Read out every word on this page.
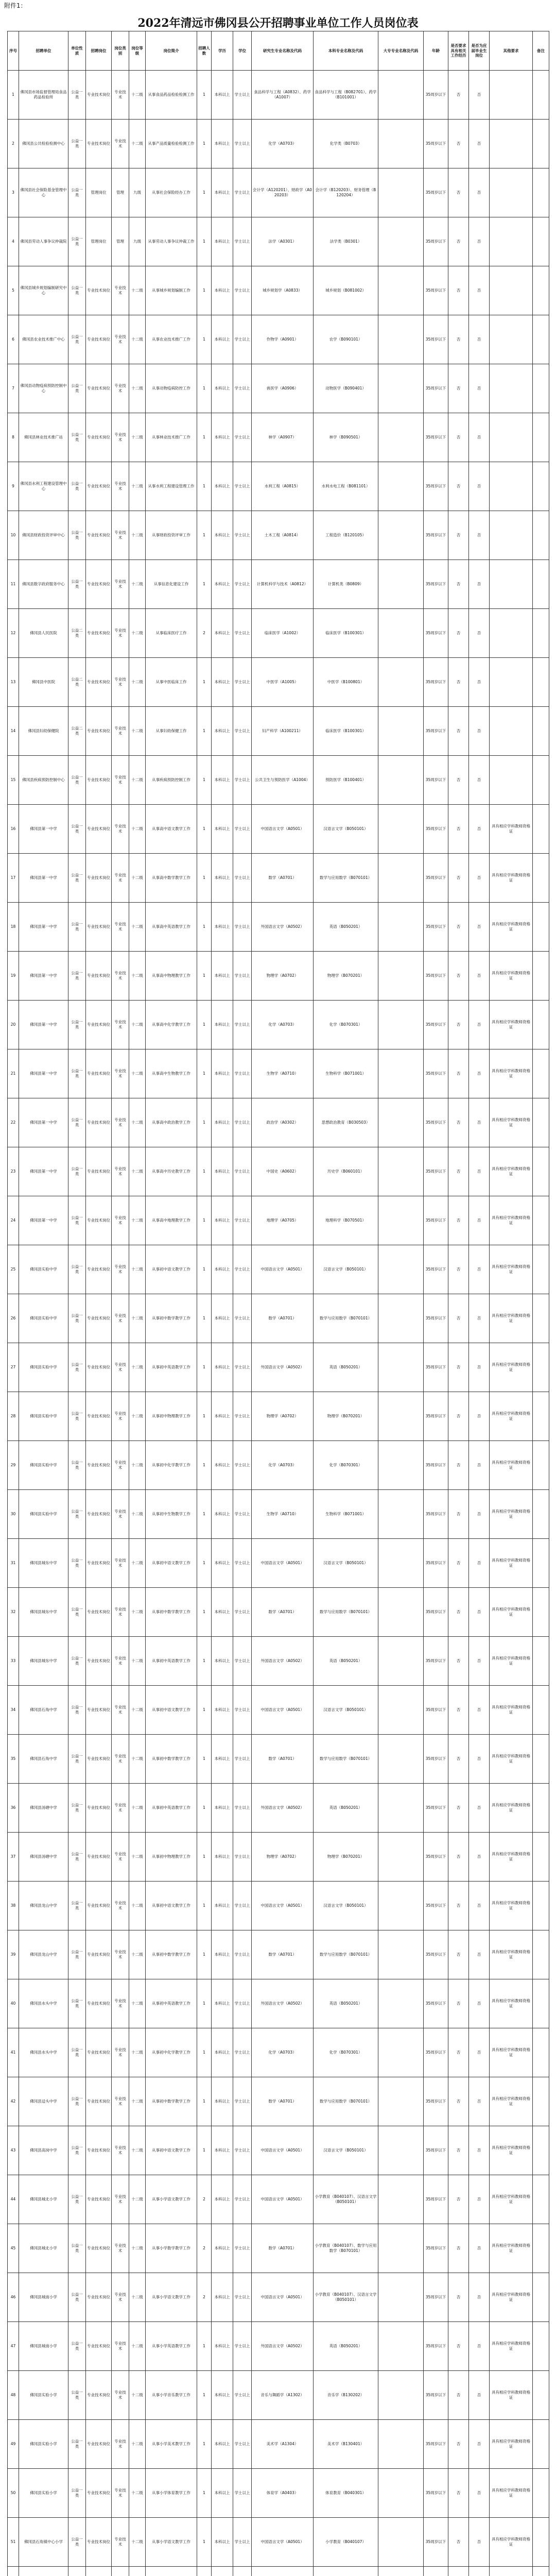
附件1：
2022年清远市佛冈县公开招聘事业单位工作人员岗位表
序号	招聘单位	单位性质	招聘岗位	岗位类别	岗位等级	岗位简介	招聘人数	学历	学位	研究生专业名称及代码	本科专业名称及代码	大专专业名称及代码	年龄	是否要求具有相关工作经历	是否为应届毕业生岗位	其他要求	备注
1	佛冈县市场监督管理局食品药品检验所	公益一类	专业技术岗位	专业技术	十二级	从事食品药品检验检测工作	1	本科以上	学士以上	食品科学与工程（A0832）、药学（A1007）	食品科学与工程（B082701）、药学（B101001）		35周岁以下	否	否		
2	佛冈县公共检验检测中心	公益一类	专业技术岗位	专业技术	十二级	从事产品质量检验检测工作	1	本科以上	学士以上	化学（A0703）	化学类（B0703）		35周岁以下	否	否		
3	佛冈县社会保险基金管理中心	公益一类	管理岗位	管理	九级	从事社会保险经办工作	1	本科以上	学士以上	会计学（A120201）、财政学（A020203）	会计学（B120203）、财务管理（B120204）		35周岁以下	否	否		
4	佛冈县劳动人事争议仲裁院	公益一类	管理岗位	管理	九级	从事劳动人事争议仲裁工作	1	本科以上	学士以上	法学（A0301）	法学类（B0301）		35周岁以下	否	否		
5	佛冈县城乡规划编制研究中心	公益一类	专业技术岗位	专业技术	十二级	从事城乡规划编制工作	1	本科以上	学士以上	城乡规划学（A0833）	城乡规划（B081002）		35周岁以下	否	否		
6	佛冈县农业技术推广中心	公益一类	专业技术岗位	专业技术	十二级	从事农业技术推广工作	1	本科以上	学士以上	作物学（A0901）	农学（B090101）		35周岁以下	否	否		
7	佛冈县动物疫病预防控制中心	公益一类	专业技术岗位	专业技术	十二级	从事动物疫病防控工作	1	本科以上	学士以上	兽医学（A0906）	动物医学（B090401）		35周岁以下	否	否		
8	佛冈县林业技术推广站	公益一类	专业技术岗位	专业技术	十二级	从事林业技术推广工作	1	本科以上	学士以上	林学（A0907）	林学（B090501）		35周岁以下	否	否		
9	佛冈县水利工程建设管理中心	公益一类	专业技术岗位	专业技术	十二级	从事水利工程建设管理工作	1	本科以上	学士以上	水利工程（A0815）	水利水电工程（B081101）		35周岁以下	否	否		
10	佛冈县财政投资评审中心	公益一类	专业技术岗位	专业技术	十二级	从事财政投资评审工作	1	本科以上	学士以上	土木工程（A0814）	工程造价（B120105）		35周岁以下	否	否		
11	佛冈县数字政府服务中心	公益一类	专业技术岗位	专业技术	十二级	从事信息化建设工作	1	本科以上	学士以上	计算机科学与技术（A0812）	计算机类（B0809）		35周岁以下	否	否		
12	佛冈县人民医院	公益二类	专业技术岗位	专业技术	十二级	从事临床医疗工作	2	本科以上	学士以上	临床医学（A1002）	临床医学（B100301）		35周岁以下	否	否		
13	佛冈县中医院	公益二类	专业技术岗位	专业技术	十二级	从事中医临床工作	1	本科以上	学士以上	中医学（A1005）	中医学（B100801）		35周岁以下	否	否		
14	佛冈县妇幼保健院	公益二类	专业技术岗位	专业技术	十二级	从事妇幼保健工作	1	本科以上	学士以上	妇产科学（A100211）	临床医学（B100301）		35周岁以下	否	否		
15	佛冈县疾病预防控制中心	公益一类	专业技术岗位	专业技术	十二级	从事疾病预防控制工作	1	本科以上	学士以上	公共卫生与预防医学（A1004）	预防医学（B100401）		35周岁以下	否	否		
16	佛冈县第一中学	公益一类	专业技术岗位	专业技术	十二级	从事高中语文教学工作	1	本科以上	学士以上	中国语言文学（A0501）	汉语言文学（B050101）		35周岁以下	否	否	具有相应学科教师资格证	
17	佛冈县第一中学	公益一类	专业技术岗位	专业技术	十二级	从事高中数学教学工作	1	本科以上	学士以上	数学（A0701）	数学与应用数学（B070101）		35周岁以下	否	否	具有相应学科教师资格证	
18	佛冈县第一中学	公益一类	专业技术岗位	专业技术	十二级	从事高中英语教学工作	1	本科以上	学士以上	外国语言文学（A0502）	英语（B050201）		35周岁以下	否	否	具有相应学科教师资格证	
19	佛冈县第一中学	公益一类	专业技术岗位	专业技术	十二级	从事高中物理教学工作	1	本科以上	学士以上	物理学（A0702）	物理学（B070201）		35周岁以下	否	否	具有相应学科教师资格证	
20	佛冈县第一中学	公益一类	专业技术岗位	专业技术	十二级	从事高中化学教学工作	1	本科以上	学士以上	化学（A0703）	化学（B070301）		35周岁以下	否	否	具有相应学科教师资格证	
21	佛冈县第一中学	公益一类	专业技术岗位	专业技术	十二级	从事高中生物教学工作	1	本科以上	学士以上	生物学（A0710）	生物科学（B071001）		35周岁以下	否	否	具有相应学科教师资格证	
22	佛冈县第一中学	公益一类	专业技术岗位	专业技术	十二级	从事高中政治教学工作	1	本科以上	学士以上	政治学（A0302）	思想政治教育（B030503）		35周岁以下	否	否	具有相应学科教师资格证	
23	佛冈县第一中学	公益一类	专业技术岗位	专业技术	十二级	从事高中历史教学工作	1	本科以上	学士以上	中国史（A0602）	历史学（B060101）		35周岁以下	否	否	具有相应学科教师资格证	
24	佛冈县第一中学	公益一类	专业技术岗位	专业技术	十二级	从事高中地理教学工作	1	本科以上	学士以上	地理学（A0705）	地理科学（B070501）		35周岁以下	否	否	具有相应学科教师资格证	
25	佛冈县实验中学	公益一类	专业技术岗位	专业技术	十二级	从事初中语文教学工作	1	本科以上	学士以上	中国语言文学（A0501）	汉语言文学（B050101）		35周岁以下	否	否	具有相应学科教师资格证	
26	佛冈县实验中学	公益一类	专业技术岗位	专业技术	十二级	从事初中数学教学工作	1	本科以上	学士以上	数学（A0701）	数学与应用数学（B070101）		35周岁以下	否	否	具有相应学科教师资格证	
27	佛冈县实验中学	公益一类	专业技术岗位	专业技术	十二级	从事初中英语教学工作	1	本科以上	学士以上	外国语言文学（A0502）	英语（B050201）		35周岁以下	否	否	具有相应学科教师资格证	
28	佛冈县实验中学	公益一类	专业技术岗位	专业技术	十二级	从事初中物理教学工作	1	本科以上	学士以上	物理学（A0702）	物理学（B070201）		35周岁以下	否	否	具有相应学科教师资格证	
29	佛冈县实验中学	公益一类	专业技术岗位	专业技术	十二级	从事初中化学教学工作	1	本科以上	学士以上	化学（A0703）	化学（B070301）		35周岁以下	否	否	具有相应学科教师资格证	
30	佛冈县实验中学	公益一类	专业技术岗位	专业技术	十二级	从事初中生物教学工作	1	本科以上	学士以上	生物学（A0710）	生物科学（B071001）		35周岁以下	否	否	具有相应学科教师资格证	
31	佛冈县城东中学	公益一类	专业技术岗位	专业技术	十二级	从事初中语文教学工作	1	本科以上	学士以上	中国语言文学（A0501）	汉语言文学（B050101）		35周岁以下	否	否	具有相应学科教师资格证	
32	佛冈县城东中学	公益一类	专业技术岗位	专业技术	十二级	从事初中数学教学工作	1	本科以上	学士以上	数学（A0701）	数学与应用数学（B070101）		35周岁以下	否	否	具有相应学科教师资格证	
33	佛冈县城东中学	公益一类	专业技术岗位	专业技术	十二级	从事初中英语教学工作	1	本科以上	学士以上	外国语言文学（A0502）	英语（B050201）		35周岁以下	否	否	具有相应学科教师资格证	
34	佛冈县石角中学	公益一类	专业技术岗位	专业技术	十二级	从事初中语文教学工作	1	本科以上	学士以上	中国语言文学（A0501）	汉语言文学（B050101）		35周岁以下	否	否	具有相应学科教师资格证	
35	佛冈县石角中学	公益一类	专业技术岗位	专业技术	十二级	从事初中数学教学工作	1	本科以上	学士以上	数学（A0701）	数学与应用数学（B070101）		35周岁以下	否	否	具有相应学科教师资格证	
36	佛冈县汤塘中学	公益一类	专业技术岗位	专业技术	十二级	从事初中英语教学工作	1	本科以上	学士以上	外国语言文学（A0502）	英语（B050201）		35周岁以下	否	否	具有相应学科教师资格证	
37	佛冈县汤塘中学	公益一类	专业技术岗位	专业技术	十二级	从事初中物理教学工作	1	本科以上	学士以上	物理学（A0702）	物理学（B070201）		35周岁以下	否	否	具有相应学科教师资格证	
38	佛冈县龙山中学	公益一类	专业技术岗位	专业技术	十二级	从事初中语文教学工作	1	本科以上	学士以上	中国语言文学（A0501）	汉语言文学（B050101）		35周岁以下	否	否	具有相应学科教师资格证	
39	佛冈县龙山中学	公益一类	专业技术岗位	专业技术	十二级	从事初中数学教学工作	1	本科以上	学士以上	数学（A0701）	数学与应用数学（B070101）		35周岁以下	否	否	具有相应学科教师资格证	
40	佛冈县水头中学	公益一类	专业技术岗位	专业技术	十二级	从事初中英语教学工作	1	本科以上	学士以上	外国语言文学（A0502）	英语（B050201）		35周岁以下	否	否	具有相应学科教师资格证	
41	佛冈县水头中学	公益一类	专业技术岗位	专业技术	十二级	从事初中化学教学工作	1	本科以上	学士以上	化学（A0703）	化学（B070301）		35周岁以下	否	否	具有相应学科教师资格证	
42	佛冈县迳头中学	公益一类	专业技术岗位	专业技术	十二级	从事初中数学教学工作	1	本科以上	学士以上	数学（A0701）	数学与应用数学（B070101）		35周岁以下	否	否	具有相应学科教师资格证	
43	佛冈县高岗中学	公益一类	专业技术岗位	专业技术	十二级	从事初中语文教学工作	1	本科以上	学士以上	中国语言文学（A0501）	汉语言文学（B050101）		35周岁以下	否	否	具有相应学科教师资格证	
44	佛冈县城北小学	公益一类	专业技术岗位	专业技术	十二级	从事小学语文教学工作	2	本科以上	学士以上	中国语言文学（A0501）	小学教育（B040107）、汉语言文学（B050101）		35周岁以下	否	否	具有相应学科教师资格证	
45	佛冈县城北小学	公益一类	专业技术岗位	专业技术	十二级	从事小学数学教学工作	2	本科以上	学士以上	数学（A0701）	小学教育（B040107）、数学与应用数学（B070101）		35周岁以下	否	否	具有相应学科教师资格证	
46	佛冈县城南小学	公益一类	专业技术岗位	专业技术	十二级	从事小学语文教学工作	2	本科以上	学士以上	中国语言文学（A0501）	小学教育（B040107）、汉语言文学（B050101）		35周岁以下	否	否	具有相应学科教师资格证	
47	佛冈县城南小学	公益一类	专业技术岗位	专业技术	十二级	从事小学英语教学工作	1	本科以上	学士以上	外国语言文学（A0502）	英语（B050201）		35周岁以下	否	否	具有相应学科教师资格证	
48	佛冈县实验小学	公益一类	专业技术岗位	专业技术	十二级	从事小学音乐教学工作	1	本科以上	学士以上	音乐与舞蹈学（A1302）	音乐学（B130202）		35周岁以下	否	否	具有相应学科教师资格证	
49	佛冈县实验小学	公益一类	专业技术岗位	专业技术	十二级	从事小学美术教学工作	1	本科以上	学士以上	美术学（A1304）	美术学（B130401）		35周岁以下	否	否	具有相应学科教师资格证	
50	佛冈县实验小学	公益一类	专业技术岗位	专业技术	十二级	从事小学体育教学工作	1	本科以上	学士以上	体育学（A0403）	体育教育（B040301）		35周岁以下	否	否	具有相应学科教师资格证	
51	佛冈县石角镇中心小学	公益一类	专业技术岗位	专业技术	十二级	从事小学语文教学工作	1	本科以上	学士以上	中国语言文学（A0501）	小学教育（B040107）		35周岁以下	否	否	具有相应学科教师资格证	
